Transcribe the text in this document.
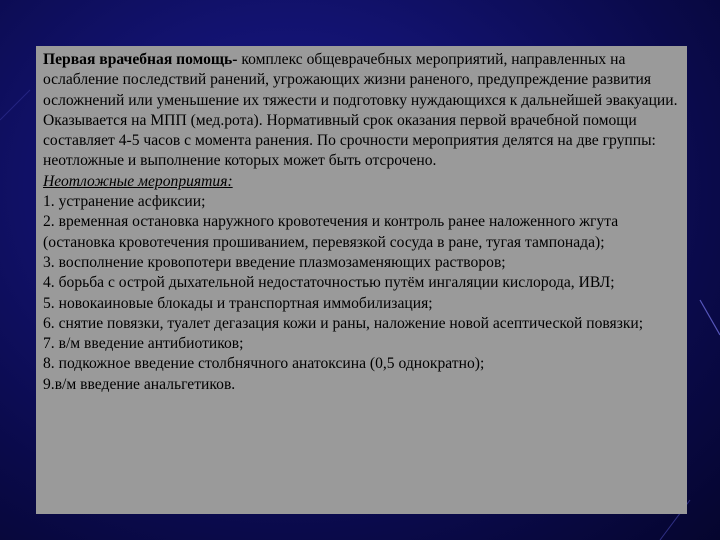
Первая врачебная помощь- комплекс общеврачебных мероприятий, направленных на ослабление последствий ранений, угрожающих жизни раненого, предупреждение развития осложнений или уменьшение их тяжести и подготовку нуждающихся к дальнейшей эвакуации. Оказывается на МПП (мед.рота). Нормативный срок оказания первой врачебной помощи составляет 4-5 часов с момента ранения. По срочности мероприятия делятся на две группы: неотложные и выполнение которых может быть отсрочено.

Неотложные мероприятия:

1. устранение асфиксии;
2. временная остановка наружного кровотечения и контроль ранее наложенного жгута (остановка кровотечения прошиванием, перевязкой сосуда в ране, тугая тампонада);
3. восполнение кровопотери введение плазмозаменяющих растворов;
4. борьба с острой дыхательной недостаточностью путём ингаляции кислорода, ИВЛ;
5. новокаиновые блокады и транспортная иммобилизация;
6. снятие повязки, туалет дегазация кожи и раны, наложение новой асептической повязки;
7. в/м введение антибиотиков;
8. подкожное введение столбнячного анатоксина (0,5 однократно);
9.в/м введение анальгетиков.
